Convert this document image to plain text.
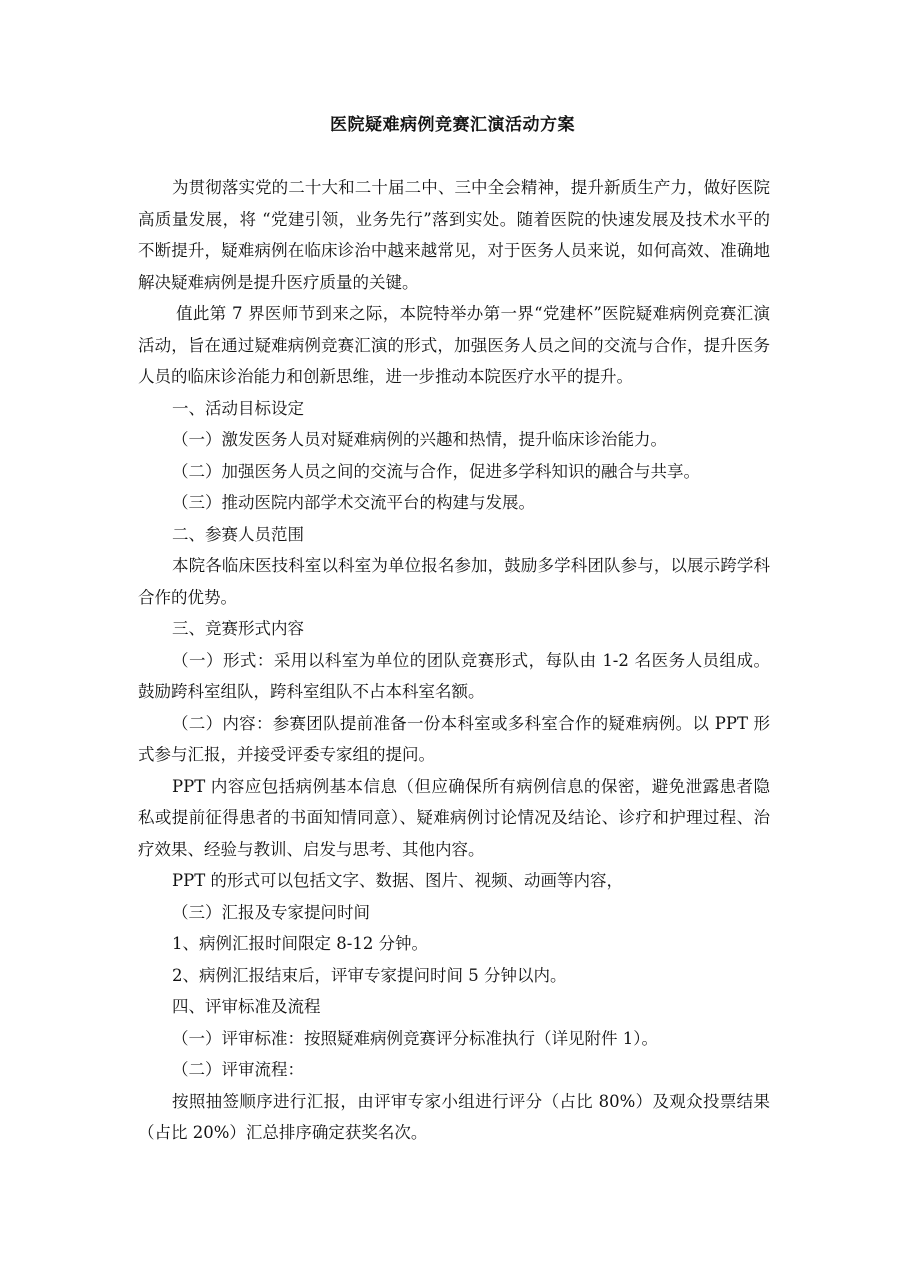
医院疑难病例竞赛汇演活动方案

为贯彻落实党的二十大和二十届二中、三中全会精神，提升新质生产力，做好医院高质量发展，将 “党建引领，业务先行”落到实处。随着医院的快速发展及技术水平的不断提升，疑难病例在临床诊治中越来越常见，对于医务人员来说，如何高效、准确地解决疑难病例是提升医疗质量的关键。

值此第 7 界医师节到来之际，本院特举办第一界“党建杯”医院疑难病例竞赛汇演活动，旨在通过疑难病例竞赛汇演的形式，加强医务人员之间的交流与合作，提升医务人员的临床诊治能力和创新思维，进一步推动本院医疗水平的提升。

一、活动目标设定

（一）激发医务人员对疑难病例的兴趣和热情，提升临床诊治能力。

（二）加强医务人员之间的交流与合作，促进多学科知识的融合与共享。

（三）推动医院内部学术交流平台的构建与发展。

二、参赛人员范围

本院各临床医技科室以科室为单位报名参加，鼓励多学科团队参与，以展示跨学科合作的优势。

三、竞赛形式内容

（一）形式：采用以科室为单位的团队竞赛形式，每队由 1-2 名医务人员组成。鼓励跨科室组队，跨科室组队不占本科室名额。

（二）内容：参赛团队提前准备一份本科室或多科室合作的疑难病例。以 PPT 形式参与汇报，并接受评委专家组的提问。

PPT 内容应包括病例基本信息（但应确保所有病例信息的保密，避免泄露患者隐私或提前征得患者的书面知情同意）、疑难病例讨论情况及结论、诊疗和护理过程、治疗效果、经验与教训、启发与思考、其他内容。

PPT 的形式可以包括文字、数据、图片、视频、动画等内容，

（三）汇报及专家提问时间

1、病例汇报时间限定 8-12 分钟。

2、病例汇报结束后，评审专家提问时间 5 分钟以内。

四、评审标准及流程

（一）评审标准：按照疑难病例竞赛评分标准执行（详见附件 1）。

（二）评审流程：

按照抽签顺序进行汇报，由评审专家小组进行评分（占比 80%）及观众投票结果（占比 20%）汇总排序确定获奖名次。
